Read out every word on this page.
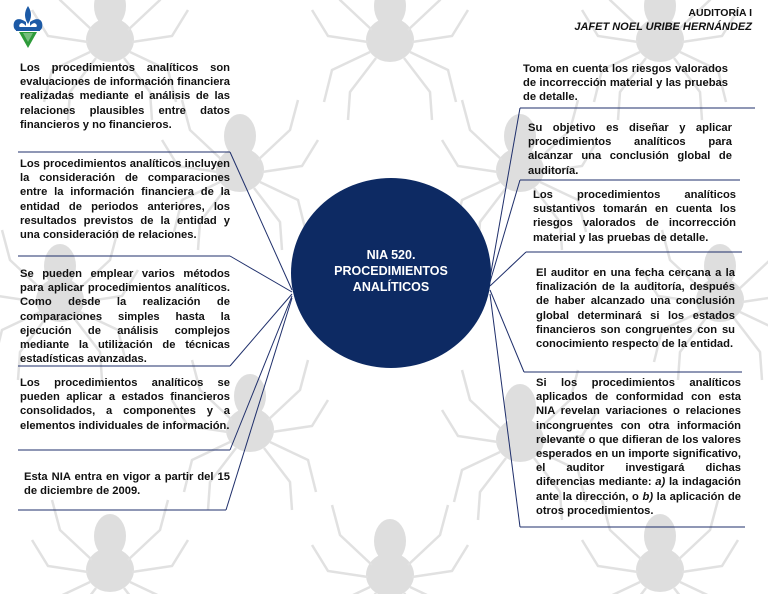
AUDITORÍA I
JAFET NOEL URIBE HERNÁNDEZ
NIA 520. PROCEDIMIENTOS ANALÍTICOS
Los procedimientos analíticos son evaluaciones de información financiera realizadas mediante el análisis de las relaciones plausibles entre datos financieros y no financieros.
Los procedimientos analíticos incluyen la consideración de comparaciones entre la información financiera de la entidad de periodos anteriores, los resultados previstos de la entidad y una consideración de relaciones.
Se pueden emplear varios métodos para aplicar procedimientos analíticos. Como desde la realización de comparaciones simples hasta la ejecución de análisis complejos mediante la utilización de técnicas estadísticas avanzadas.
Los procedimientos analíticos se pueden aplicar a estados financieros consolidados, a componentes y a elementos individuales de información.
Esta NIA entra en vigor a partir del 15 de diciembre de 2009.
Toma en cuenta los riesgos valorados de incorrección material y las pruebas de detalle.
Su objetivo es diseñar y aplicar procedimientos analíticos para alcanzar una conclusión global de auditoría.
Los procedimientos analíticos sustantivos tomarán en cuenta los riesgos valorados de incorrección material y las pruebas de detalle.
El auditor en una fecha cercana a la finalización de la auditoría, después de haber alcanzado una conclusión global determinará si los estados financieros son congruentes con su conocimiento respecto de la entidad.
Si los procedimientos analíticos aplicados de conformidad con esta NIA revelan variaciones o relaciones incongruentes con otra información relevante o que difieran de los valores esperados en un importe significativo, el auditor investigará dichas diferencias mediante: a) la indagación ante la dirección, o b) la aplicación de otros procedimientos.
